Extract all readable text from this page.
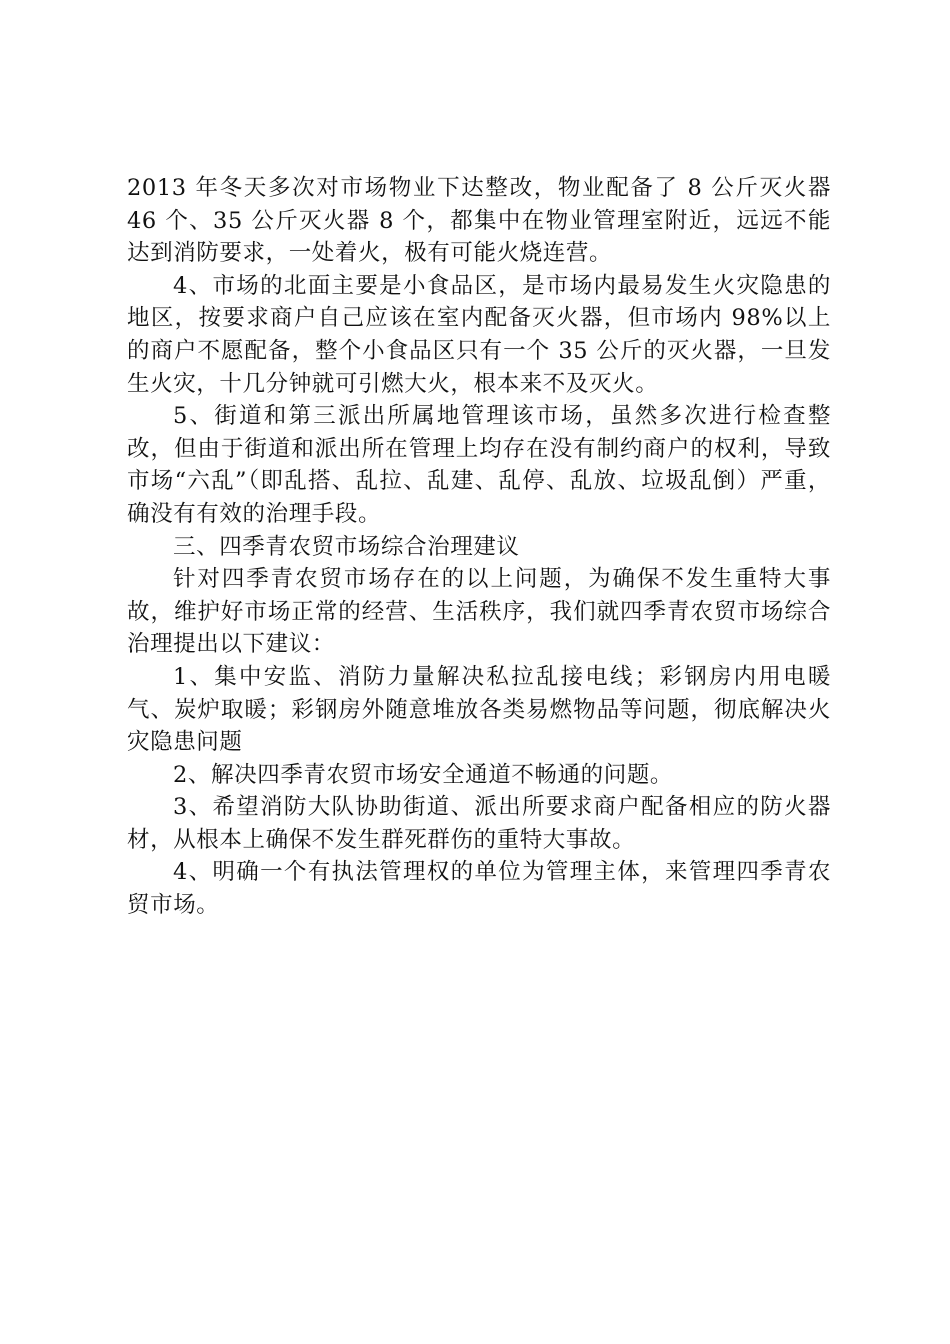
2013 年冬天多次对市场物业下达整改，物业配备了 8 公斤灭火器 46 个、35 公斤灭火器 8 个，都集中在物业管理室附近，远远不能达到消防要求，一处着火，极有可能火烧连营。

4、市场的北面主要是小食品区，是市场内最易发生火灾隐患的地区，按要求商户自己应该在室内配备灭火器，但市场内 98%以上的商户不愿配备，整个小食品区只有一个 35 公斤的灭火器，一旦发生火灾，十几分钟就可引燃大火，根本来不及灭火。

5、街道和第三派出所属地管理该市场，虽然多次进行检查整改，但由于街道和派出所在管理上均存在没有制约商户的权利，导致市场“六乱”（即乱搭、乱拉、乱建、乱停、乱放、垃圾乱倒）严重，确没有有效的治理手段。

三、四季青农贸市场综合治理建议

针对四季青农贸市场存在的以上问题，为确保不发生重特大事故，维护好市场正常的经营、生活秩序，我们就四季青农贸市场综合治理提出以下建议：

1、集中安监、消防力量解决私拉乱接电线；彩钢房内用电暖气、炭炉取暖；彩钢房外随意堆放各类易燃物品等问题，彻底解决火灾隐患问题

2、解决四季青农贸市场安全通道不畅通的问题。

3、希望消防大队协助街道、派出所要求商户配备相应的防火器材，从根本上确保不发生群死群伤的重特大事故。

4、明确一个有执法管理权的单位为管理主体，来管理四季青农贸市场。
